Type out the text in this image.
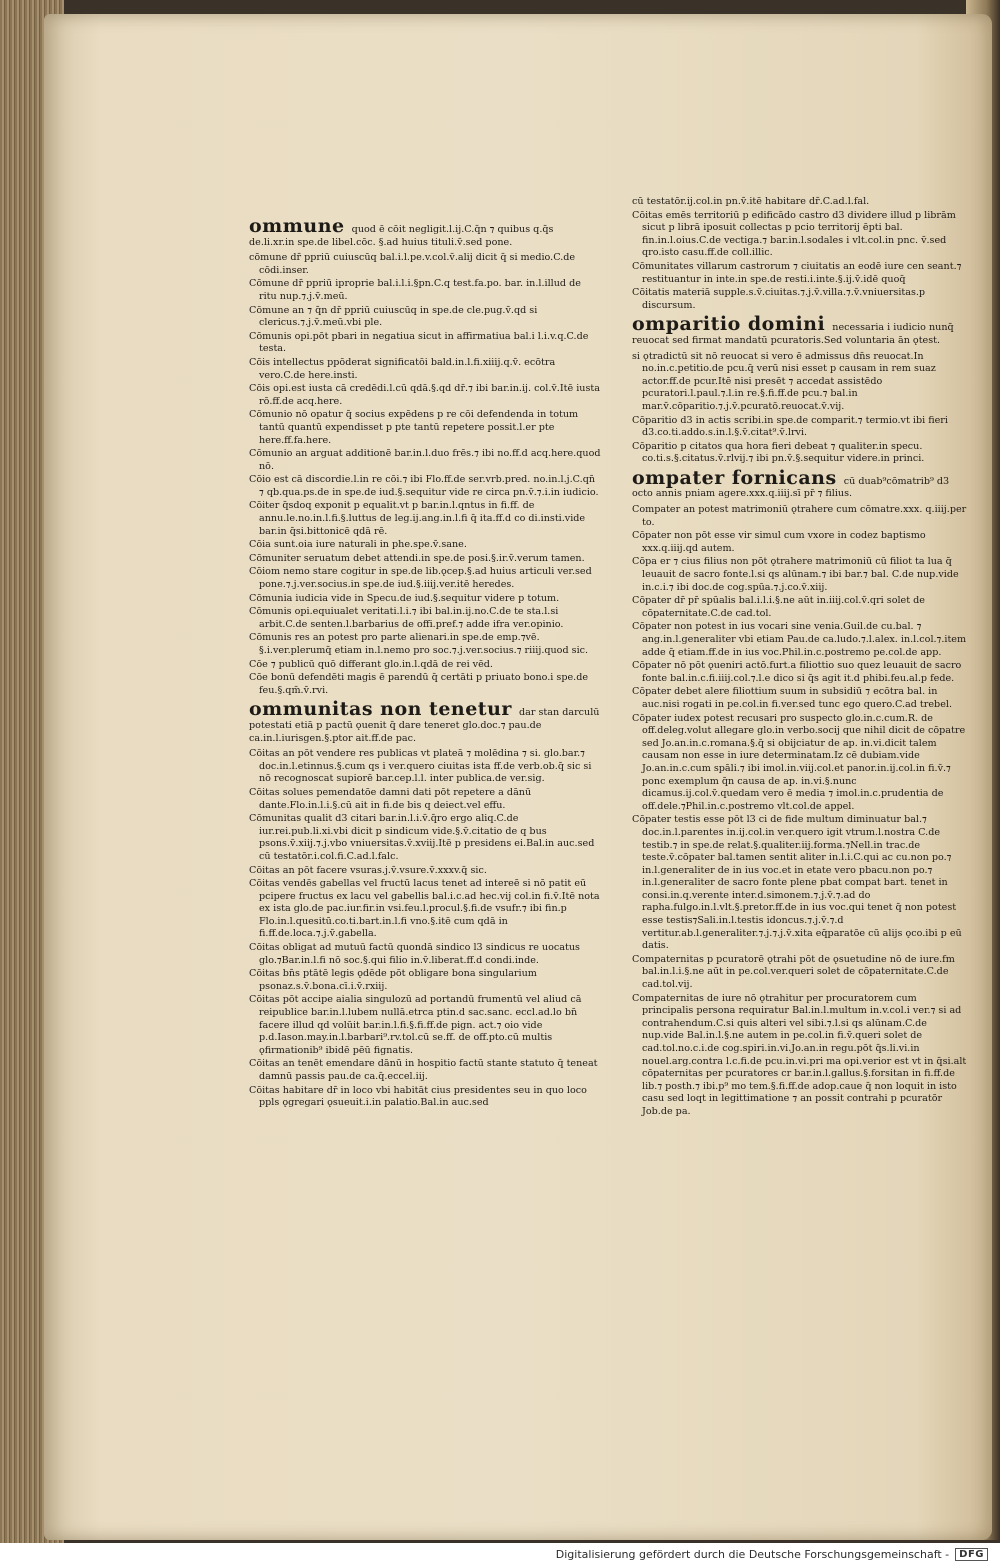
ommune quod ē cōit negligit.l.ij.C.q̄n ⁊ quibus q.q̄s de.li.xr.in spe.de libel.cōc. §.ad huius tituli.v̄.sed pone.
cōmune dr̄ ppriū cuiuscūq bal.i.l.pe.v.col.v̄.alij dicit q̄ si medio.C.de cōdi.inser.
Cōmune dr̄ ppriū iproprie bal.i.l.i.§pn.C.q test.fa.po. bar. in.l.illud de ritu nup.⁊.j.v̄.meū.
Cōmune an ⁊ q̄n dr̄ ppriū cuiuscūq in spe.de cle.pug.v̄.qd si clericus.⁊.j.v̄.meū.vbi ple.
Cōmunis opi.pōt pbari in negatiua sicut in affirmatiua bal.i l.i.v.q.C.de testa.
Cōis intellectus ppōderat significatōi bald.in.l.fi.xiiij.q.v̄. ecōtra vero.C.de here.insti.
Cōis opi.est iusta cā credēdi.l.cū qdā.§.qd dr̄.⁊ ibi bar.in.ij. col.v̄.Itē iusta rō.ff.de acq.here.
Cōmunio nō opatur q̄ socius expēdens p re cōi defendenda in totum tantū quantū expendisset p pte tantū repetere possit.l.er pte here.ff.fa.here.
Cōmunio an arguat additionē bar.in.l.duo frēs.⁊ ibi no.ff.d acq.here.quod nō.
Cōio est cā discordie.l.in re cōi.⁊ ibi Flo.ff.de ser.vrb.pred. no.in.l.j.C.qn̄ ⁊ qb.qua.ps.de in spe.de iud.§.sequitur vide re circa pn.v̄.⁊.i.in iudicio.
Cōiter q̄sdoq exponit p equalit.vt p bar.in.l.qntus in fi.ff. de annu.le.no.in.l.fi.§.luttus de leg.ij.ang.in.l.fi q̄ ita.ff.d co di.insti.vide bar.in q̄si.bittonicē qdā rē.
Cōia sunt.oia iure naturali in phe.spe.v̄.sane.
Cōmuniter seruatum debet attendi.in spe.de posi.§.ir.v̄.verum tamen.
Cōiom nemo stare cogitur in spe.de lib.ǫcep.§.ad huius articuli ver.sed pone.⁊.j.ver.socius.in spe.de iud.§.iiij.ver.itē heredes.
Cōmunia iudicia vide in Specu.de iud.§.sequitur videre p totum.
Cōmunis opi.equiualet veritati.l.i.⁊ ibi bal.in.ij.no.C.de te sta.l.si arbit.C.de senten.l.barbarius de offi.pref.⁊ adde ifra ver.opinio.
Cōmunis res an potest pro parte alienari.in spe.de emp.⁊vē. §.i.ver.plerumq̄ etiam in.l.nemo pro soc.⁊.j.ver.socius.⁊ riiij.quod sic.
Cōe ⁊ publicū quō differant glo.in.l.qdā de rei vēd.
Cōe bonū defendēti magis ē parendū q̄ certāti p priuato bono.i spe.de feu.§.qm̄.v̄.rvi.
ommunitas non tenetur dar stan darculū potestati etiā p pactū ǫuenit q̄ dare teneret glo.doc.⁊ pau.de ca.in.l.iurisgen.§.ptor ait.ff.de pac.
Cōitas an pōt vendere res publicas vt plateā ⁊ molēdina ⁊ si. glo.bar.⁊ doc.in.l.etinnus.§.cum qs i ver.quero ciuitas ista ff.de verb.ob.q̄ sic si nō recognoscat supiorē bar.cep.l.l. inter publica.de ver.sig.
Cōitas solues pemendatōe damni dati pōt repetere a dānū dante.Flo.in.l.i.§.cū ait in fi.de bis q deiect.vel effu.
Cōmunitas qualit d3 citari bar.in.l.i.v̄.q̄ro ergo aliq.C.de iur.rei.pub.li.xi.vbi dicit p sindicum vide.§.v̄.citatio de q bus psons.v̄.xiij.⁊.j.vbo vniuersitas.v̄.xviij.Itē p presidens ei.Bal.in auc.sed cū testatōr.i.col.fi.C.ad.l.falc.
Cōitas an pōt facere vsuras.j.v̄.vsure.v̄.xxxv.q̄ sic.
Cōitas vendēs gabellas vel fructū lacus tenet ad intereē si nō patit eū pcipere fructus ex lacu vel gabellis bal.i.c.ad hec.vij col.in fi.v̄.Itē nota ex ista glo.de pac.iur.fir.in vsi.feu.l.procul.§.fi.de vsufr.⁊ ibi fin.p Flo.in.l.quesitū.co.ti.bart.in.l.fi vno.§.itē cum qdā in fi.ff.de.loca.⁊.j.v̄.gabella.
Cōitas obligat ad mutuū factū quondā sindico l3 sindicus re uocatus glo.⁊Bar.in.l.fi nō soc.§.qui filio in.v̄.liberat.ff.d condi.inde.
Cōitas bn̄s ptātē legis ǫdēde pōt obligare bona singularium psonaz.s.v̄.bona.cī.i.v̄.rxiij.
Cōitas pōt accipe aialia singulozū ad portandū frumentū vel aliud cā reipublice bar.in.l.lubem nullā.etrca ptin.d sac.sanc. eccl.ad.lo bn̄ facere illud qd volūit bar.in.l.fi.§.fi.ff.de pign. act.⁊ oio vide p.d.Iason.may.in.l.barbari⁹.rv.tol.cū se.ff. de off.pto.cū multis ǫfirmationib⁹ ibidē pēū fignatis.
Cōitas an tenēt emendare dānū in hospitio factū stante statuto q̄ teneat damnū passis pau.de ca.q̄.eccel.iij.
Cōitas habitare dr̄ in loco vbi habitāt cius presidentes seu in quo loco ppls ǫgregari ǫsueuit.i.in palatio.Bal.in auc.sed
cū testatōr.ij.col.in pn.v̄.itē habitare dr̄.C.ad.l.fal.
Cōitas emēs territoriū p edificādo castro d3 dividere illud p librām sicut p librā iposuit collectas p pcio territorij ēpti bal. fin.in.l.oius.C.de vectiga.⁊ bar.in.l.sodales i vlt.col.in pnc. v̄.sed qro.isto casu.ff.de coll.illic.
Cōmunitates villarum castrorum ⁊ ciuitatis an eodē iure cen seant.⁊ restituantur in inte.in spe.de resti.i.inte.§.ij.v̄.idē quoq̄
Cōitatis materiā supple.s.v̄.ciuitas.⁊.j.v̄.villa.⁊.v̄.vniuersitas.p discursum.
omparitio domini necessaria i iudicio nunq̄ reuocat sed firmat mandatū pcuratoris.Sed voluntaria ān ǫtest.
si ǫtradictū sit nō reuocat si vero ē admissus dn̄s reuocat.In no.in.c.petitio.de pcu.q̄ verū nisi esset p causam in rem suaz actor.ff.de pcur.Itē nisi presēt ⁊ accedat assistēdo pcuratori.l.paul.⁊.l.in re.§.fi.ff.de pcu.⁊ bal.in mar.v̄.cōparitio.⁊.j.v̄.pcuratō.reuocat.v̄.vij.
Cōparitio d3 in actis scribi.in spe.de comparit.⁊ termio.vt ibi fieri d3.co.ti.addo.s.in.l.§.v̄.citat⁹.v̄.lrvi.
Cōparitio p citatos qua hora fieri debeat ⁊ qualiter.in specu. co.ti.s.§.citatus.v̄.rlvij.⁊ ibi pn.v̄.§.sequitur videre.in princi.
ompater fornicans cū duab⁹cōmatrib⁹ d3 octo annis pniam agere.xxx.q.iiij.sī pr̄ ⁊ filius.
Compater an potest matrimoniū ǫtrahere cum cōmatre.xxx. q.iiij.per to.
Cōpater non pōt esse vir simul cum vxore in codez baptismo xxx.q.iiij.qd autem.
Cōpa er ⁊ cius filius non pōt ǫtrahere matrimoniū cū filiot ta lua q̄ leuauit de sacro fonte.l.si qs alūnam.⁊ ibi bar.⁊ bal. C.de nup.vide in.c.i.⁊ ibi doc.de cog.spūa.⁊.j.co.v̄.xiij.
Cōpater dr̄ pr̄ spūalis bal.i.l.i.§.ne aūt in.iiij.col.v̄.qri solet de cōpaternitate.C.de cad.tol.
Cōpater non potest in ius vocari sine venia.Guil.de cu.bal. ⁊ ang.in.l.generaliter vbi etiam Pau.de ca.ludo.⁊.l.alex. in.l.col.⁊.item adde q̄ etiam.ff.de in ius voc.Phil.in.c.postremo pe.col.de app.
Cōpater nō pōt ǫueniri actō.furt.a filiottio suo quez leuauit de sacro fonte bal.in.c.fi.iiij.col.⁊.l.e dico si q̄s agit it.d phibi.feu.al.p fede.
Cōpater debet alere filiottium suum in subsidiū ⁊ ecōtra bal. in auc.nisi rogati in pe.col.in fi.ver.sed tunc ego quero.C.ad trebel.
Cōpater iudex potest recusari pro suspecto glo.in.c.cum.R. de off.deleg.volut allegare glo.in verbo.socij que nihil dicit de cōpatre sed Jo.an.in.c.romana.§.q̄ si obijciatur de ap. in.vi.dicit talem causam non esse in iure determinatam.Iz cē dubiam.vide Jo.an.in.c.cum spāli.⁊ ibi imol.in.viij.col.et panor.in.ij.col.in fi.v̄.⁊ ponc exemplum q̄n causa de ap. in.vi.§.nunc dicamus.ij.col.v̄.quedam vero ē media ⁊ imol.in.c.prudentia de off.dele.⁊Phil.in.c.postremo vlt.col.de appel.
Cōpater testis esse pōt l3 ci de fide multum diminuatur bal.⁊ doc.in.l.parentes in.ij.col.in ver.quero igit vtrum.l.nostra C.de testib.⁊ in spe.de relat.§.qualiter.iij.forma.⁊Nell.in trac.de teste.v̄.cōpater bal.tamen sentit aliter in.l.i.C.qui ac cu.non po.⁊ in.l.generaliter de in ius voc.et in etate vero pbacu.non po.⁊ in.l.generaliter de sacro fonte plene pbat compat bart. tenet in consi.in.q.verente inter.d.simonem.⁊.j.v̄.⁊.ad do rapha.fulgo.in.l.vlt.§.pretor.ff.de in ius voc.qui tenet q̄ non potest esse testis⁊Sali.in.l.testis idoncus.⁊.j.v̄.⁊.d vertitur.ab.l.generaliter.⁊.j.⁊.j.v̄.xita eq̄paratōe cū alijs ǫco.ibi p eū datis.
Compaternitas p pcuratorē ǫtrahi pōt de ǫsuetudine nō de iure.fm bal.in.l.i.§.ne aūt in pe.col.ver.queri solet de cōpaternitate.C.de cad.tol.vij.
Compaternitas de iure nō ǫtrahitur per procuratorem cum principalis persona requiratur Bal.in.l.multum in.v.col.i ver.⁊ si ad contrahendum.C.si quis alteri vel sibi.⁊.l.si qs alūnam.C.de nup.vide Bal.in.l.§.ne autem in pe.col.in fi.v̄.queri solet de cad.tol.no.c.i.de cog.spiri.in.vi.Jo.an.in regu.pōt q̄s.li.vi.in nouel.arg.contra l.c.fi.de pcu.in.vi.pri ma opi.verior est vt in q̄si.alt cōpaternitas per pcuratores cr bar.in.l.gallus.§.forsitan in fi.ff.de lib.⁊ posth.⁊ ibi.p⁹ mo tem.§.fi.ff.de adop.caue q̄ non loquit in isto casu sed loqt in legittimatione ⁊ an possit contrahi p pcuratōr Job.de pa.
Digitalisierung gefördert durch die Deutsche Forschungsgemeinschaft -	DFG
